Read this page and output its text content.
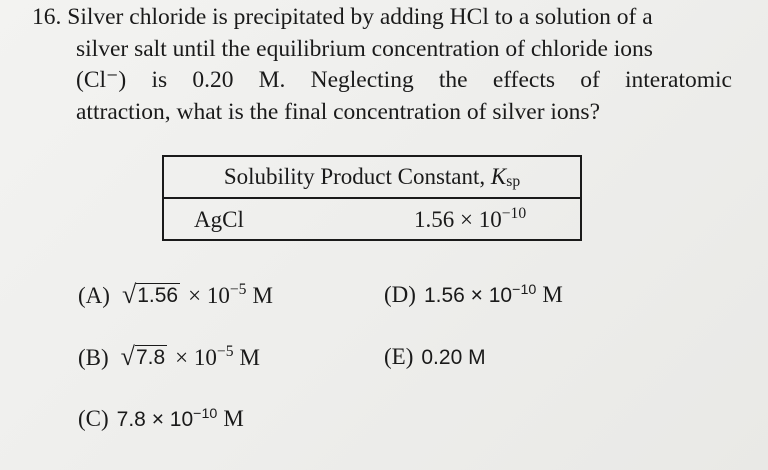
16. Silver chloride is precipitated by adding HCl to a solution of a
silver salt until the equilibrium concentration of chloride ions
(Cl⁻) is 0.20 M. Neglecting the effects of interatomic
attraction, what is the final concentration of silver ions?
Solubility Product Constant, $K_{sp}$
AgCl	$1.56 \times 10^{-10}$
(A) √ $1.56 \times 10^{-5}$ M
(B) √ $7.8 \times 10^{-5}$ M
(C) $7.8 \times 10^{-10}$ M
(D) $1.56 \times 10^{-10}$ M
(E) 0.20 M
